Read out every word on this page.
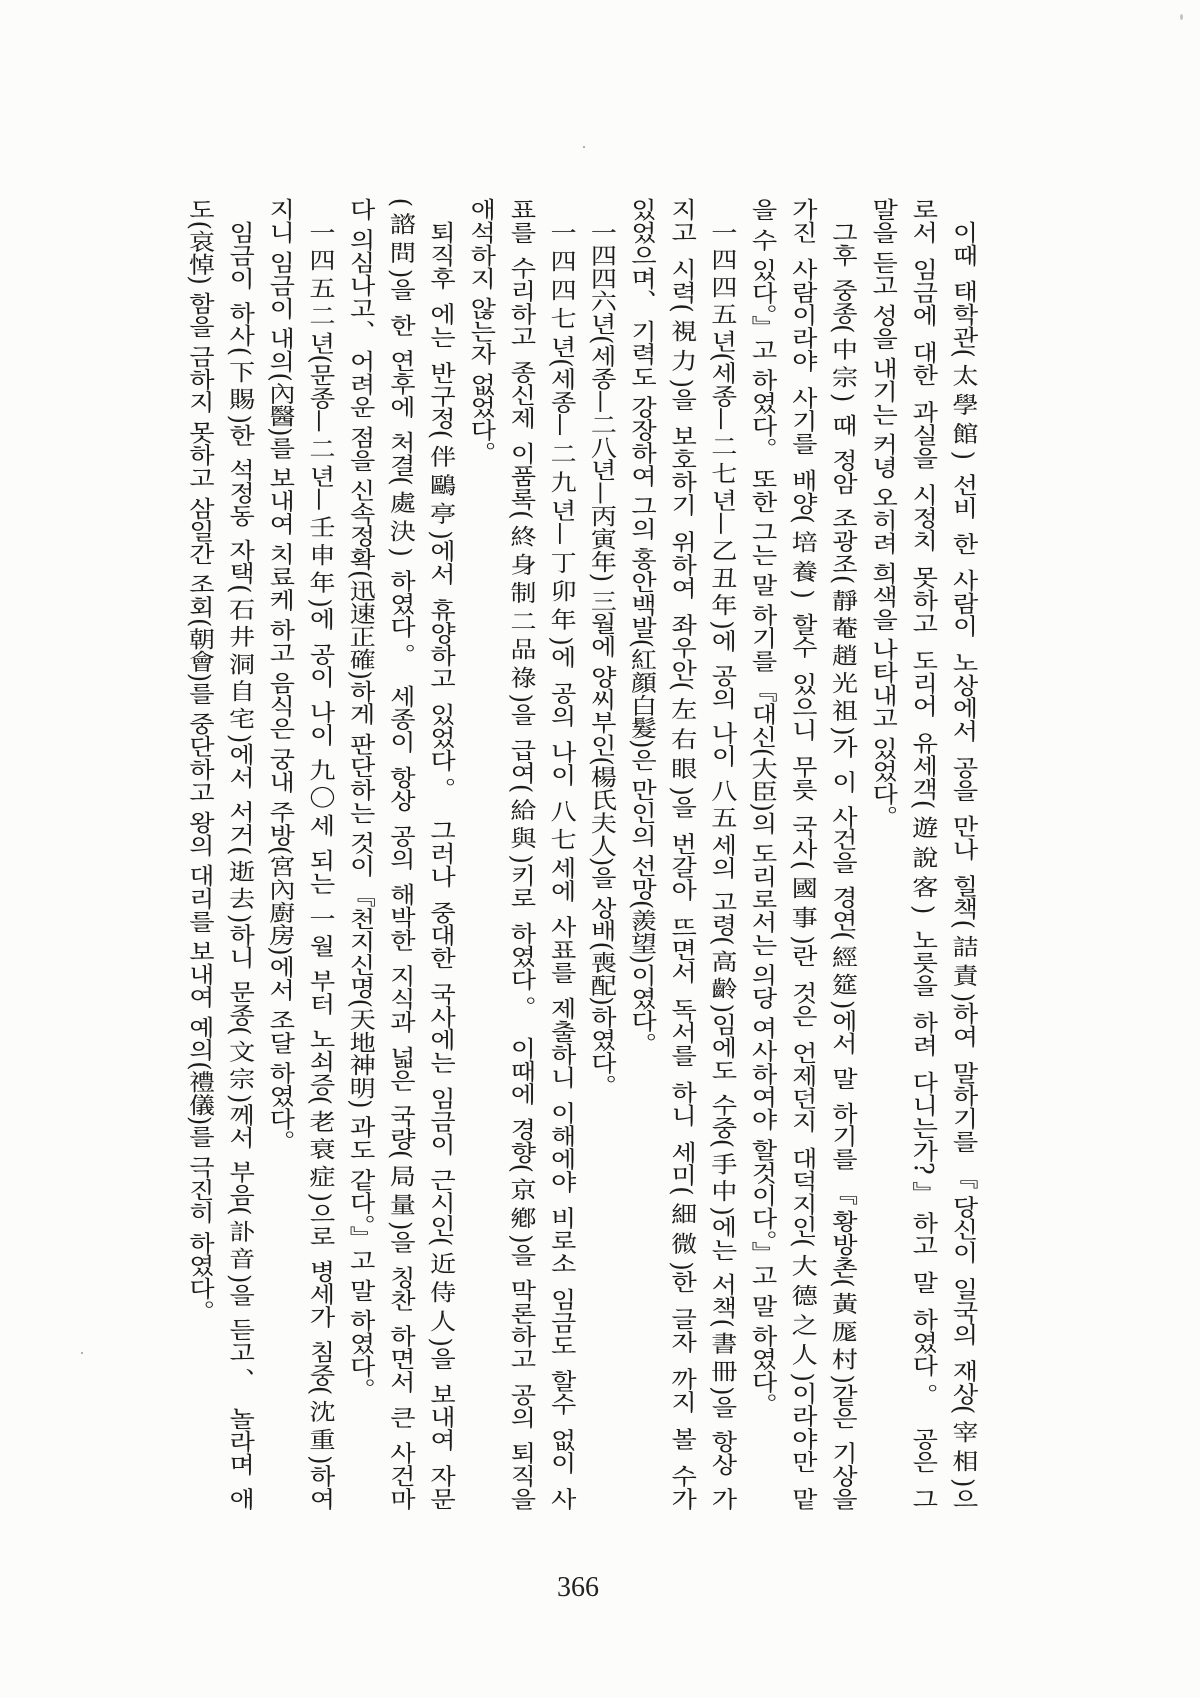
이때 태학관(太學館) 선비 한 사람이 노상에서 공을 만나 힐책(詰責)하여 말하기를 『당신이 일국의 재상(宰相)으
로서 임금에 대한 과실을 시정치 못하고 도리어 유세객(遊說客) 노릇을 하려 다니는가?』하고 말 하였다。 공은 그
말을 듣고 성을 내기는 커녕 오히려 희색을 나타내고 있었다。
그후 중종(中宗) 때 정암 조광조(靜菴趙光祖)가 이 사건을 경연(經筵)에서 말 하기를 『황방촌(黃厖村)같은 기상을
가진 사람이라야 사기를 배양(培養) 할수 있으니 무릇 국사(國事)란 것은 언제던지 대덕지인(大德之人)이라야만 맡
을 수 있다。』고 하였다。 또한 그는 말 하기를 『대신(大臣)의 도리로서는 의당 여사하여야 할것이다。』고 말 하였다。
一四四五년(세종—二七년—乙丑年)에 공의 나이 八五세의 고령(高齡)임에도 수중(手中)에는 서책(書冊)을 항상 가
지고 시력(視力)을 보호하기 위하여 좌우안(左右眼)을 번갈아 뜨면서 독서를 하니 세미(細微)한 글자 까지 볼 수가
있었으며、 기력도 강장하여 그의 홍안백발(紅顔白髮)은 만인의 선망(羨望)이였다。
一四四六년(세종—二八년—丙寅年) 三월에 양씨부인(楊氏夫人)을 상배(喪配)하였다。
一四四七년(세종—二九년—丁卯年)에 공의 나이 八七세에 사표를 제출하니 이해에야 비로소 임금도 할수 없이 사
표를 수리하고 종신제 이품록(終身制二品祿)을 급여(給與)키로 하였다。 이때에 경향(京鄕)을 막론하고 공의 퇴직을
애석하지 않는자 없었다。
퇴직후 에는 반구정(伴鷗亭)에서 휴양하고 있었다。 그러나 중대한 국사에는 임금이 근시인(近侍人)을 보내여 자문
(諮問)을 한 연후에 처결(處決) 하였다。 세종이 항상 공의 해박한 지식과 넓은 국량(局量)을 칭찬 하면서 큰 사건마
다 의심나고、 어려운 점을 신속정확(迅速正確)하게 판단하는 것이 『천지신명(天地神明) 과도 같다。』고 말 하였다。
一四五二년(문종—二년—壬申年)에 공이 나이 九〇세 되는 一월 부터 노쇠증(老衰症)으로 병세가 침중(沈重)하여
지니 임금이 내의(內醫)를 보내여 치료케 하고 음식은 궁내 주방(宮內廚房)에서 조달 하였다。
임금이 하사(下賜)한 석정동 자택(石井洞自宅)에서 서거(逝去)하니 문종(文宗)께서 부음(訃音)을 듣고、 놀라며 애
도(哀悼) 함을 금하지 못하고 삼일간 조회(朝會)를 중단하고 왕의 대리를 보내여 예의(禮儀)를 극진히 하였다。
366
